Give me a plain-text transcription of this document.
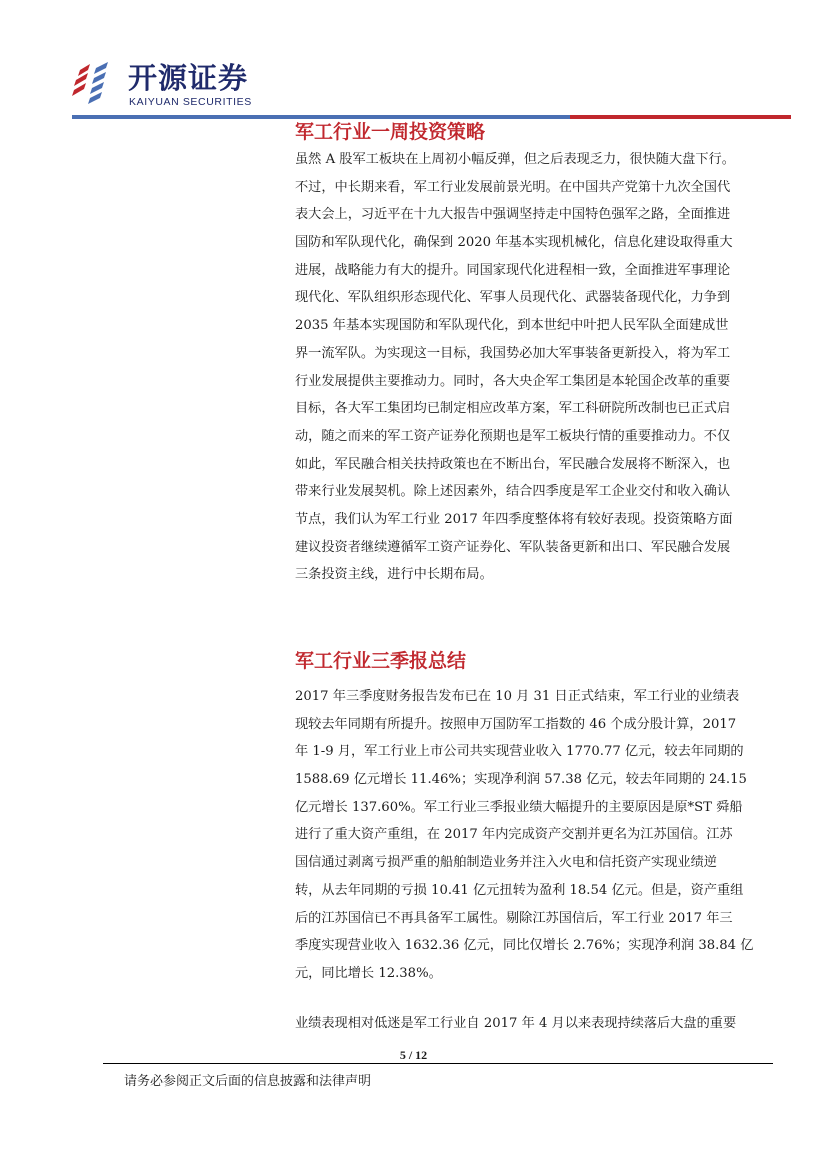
开源证券
KAIYUAN SECURITIES
军工行业一周投资策略
虽然 A 股军工板块在上周初小幅反弹，但之后表现乏力，很快随大盘下行。
不过，中长期来看，军工行业发展前景光明。在中国共产党第十九次全国代
表大会上，习近平在十九大报告中强调坚持走中国特色强军之路，全面推进
国防和军队现代化，确保到 2020 年基本实现机械化，信息化建设取得重大
进展，战略能力有大的提升。同国家现代化进程相一致，全面推进军事理论
现代化、军队组织形态现代化、军事人员现代化、武器装备现代化，力争到
2035 年基本实现国防和军队现代化，到本世纪中叶把人民军队全面建成世
界一流军队。为实现这一目标，我国势必加大军事装备更新投入，将为军工
行业发展提供主要推动力。同时，各大央企军工集团是本轮国企改革的重要
目标，各大军工集团均已制定相应改革方案，军工科研院所改制也已正式启
动，随之而来的军工资产证券化预期也是军工板块行情的重要推动力。不仅
如此，军民融合相关扶持政策也在不断出台，军民融合发展将不断深入，也
带来行业发展契机。除上述因素外，结合四季度是军工企业交付和收入确认
节点，我们认为军工行业 2017 年四季度整体将有较好表现。投资策略方面
建议投资者继续遵循军工资产证券化、军队装备更新和出口、军民融合发展
三条投资主线，进行中长期布局。
军工行业三季报总结
2017 年三季度财务报告发布已在 10 月 31 日正式结束，军工行业的业绩表
现较去年同期有所提升。按照申万国防军工指数的 46 个成分股计算，2017
年 1-9 月，军工行业上市公司共实现营业收入 1770.77 亿元，较去年同期的
1588.69 亿元增长 11.46%；实现净利润 57.38 亿元，较去年同期的 24.15
亿元增长 137.60%。军工行业三季报业绩大幅提升的主要原因是原*ST 舜船
进行了重大资产重组，在 2017 年内完成资产交割并更名为江苏国信。江苏
国信通过剥离亏损严重的船舶制造业务并注入火电和信托资产实现业绩逆
转，从去年同期的亏损 10.41 亿元扭转为盈利 18.54 亿元。但是，资产重组
后的江苏国信已不再具备军工属性。剔除江苏国信后，军工行业 2017 年三
季度实现营业收入 1632.36 亿元，同比仅增长 2.76%；实现净利润 38.84 亿
元，同比增长 12.38%。
业绩表现相对低迷是军工行业自 2017 年 4 月以来表现持续落后大盘的重要
5 / 12
请务必参阅正文后面的信息披露和法律声明
